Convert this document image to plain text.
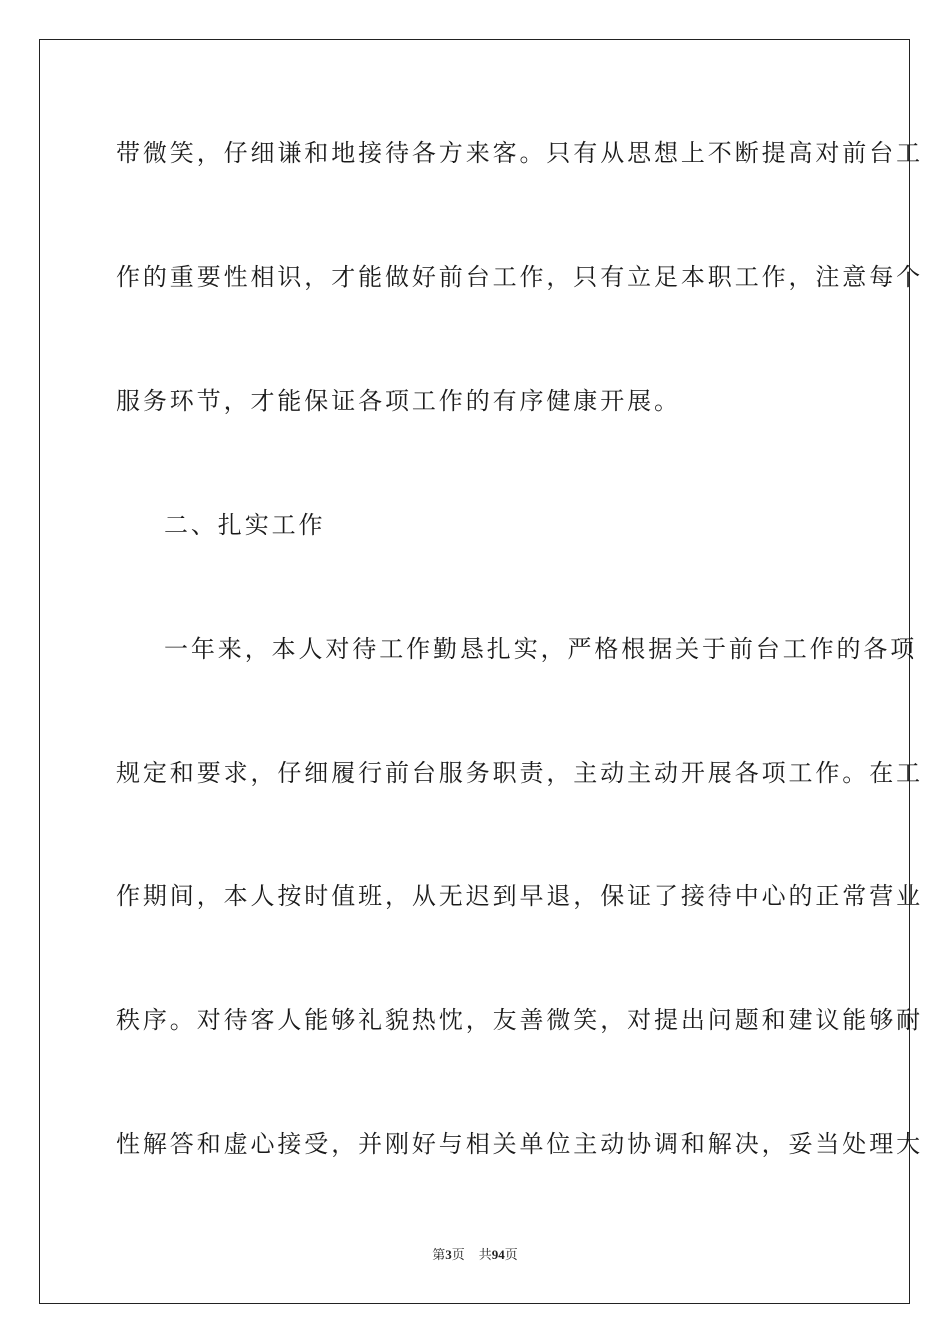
带微笑，仔细谦和地接待各方来客。只有从思想上不断提高对前台工
作的重要性相识，才能做好前台工作，只有立足本职工作，注意每个
服务环节，才能保证各项工作的有序健康开展。
二、扎实工作
一年来，本人对待工作勤恳扎实，严格根据关于前台工作的各项
规定和要求，仔细履行前台服务职责，主动主动开展各项工作。在工
作期间，本人按时值班，从无迟到早退，保证了接待中心的正常营业
秩序。对待客人能够礼貌热忱，友善微笑，对提出问题和建议能够耐
性解答和虚心接受，并刚好与相关单位主动协调和解决，妥当处理大
第3页 共94页
